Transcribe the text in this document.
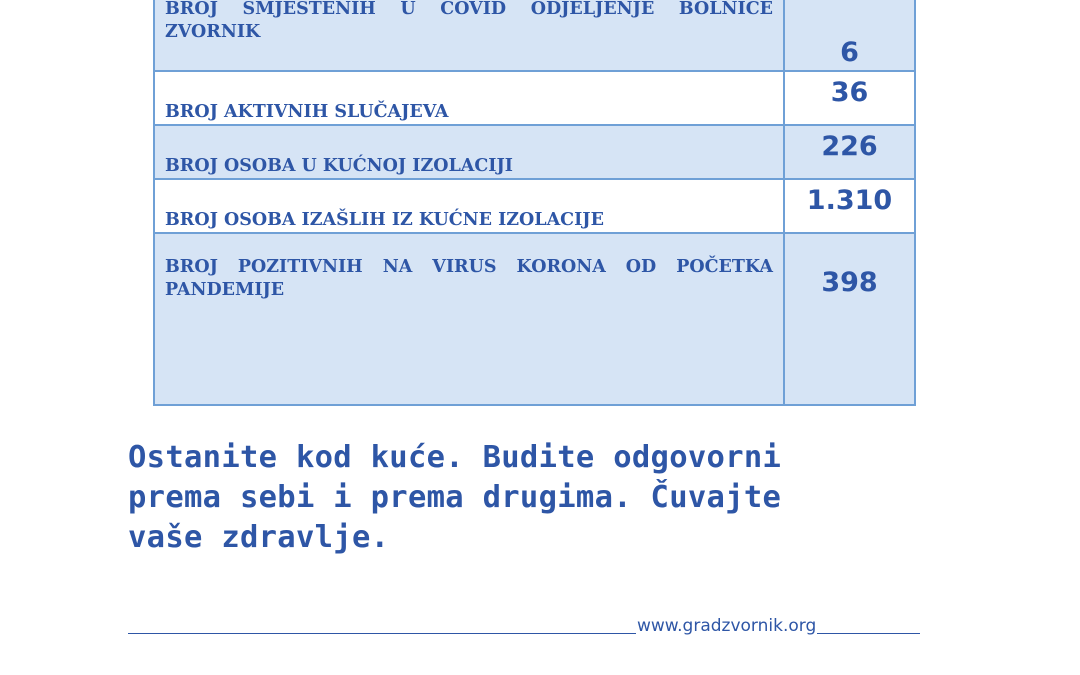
BROJ SMJEŠTENIH U COVID ODJELJENJE BOLNICE ZVORNIK	6
BROJ AKTIVNIH SLUČAJEVA	36
BROJ OSOBA U KUĆNOJ IZOLACIJI	226
BROJ OSOBA IZAŠLIH IZ KUĆNE IZOLACIJE	1.310
BROJ POZITIVNIH NA VIRUS KORONA OD POČETKA PANDEMIJE	398

Ostanite kod kuće. Budite odgovorni
prema sebi i prema drugima. Čuvajte
vaše zdravlje.

www.gradzvornik.org
